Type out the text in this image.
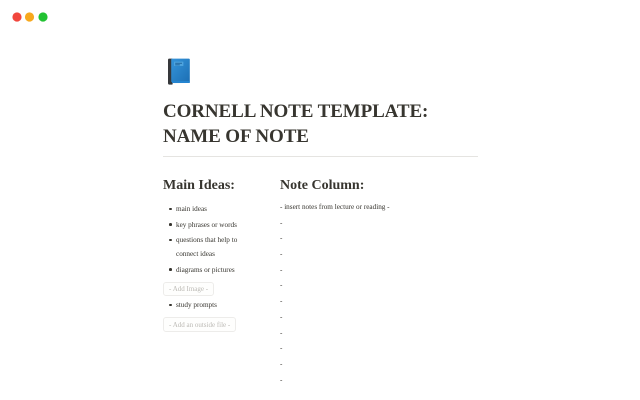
CORNELL NOTE TEMPLATE: NAME OF NOTE
Main Ideas:
main ideas
key phrases or words
questions that help to connect ideas
diagrams or pictures
- Add Image -
study prompts
- Add an outside file -
Note Column:

- insert notes from lecture or reading -

-

-

-

-

-

-

-

-

-

-

-
